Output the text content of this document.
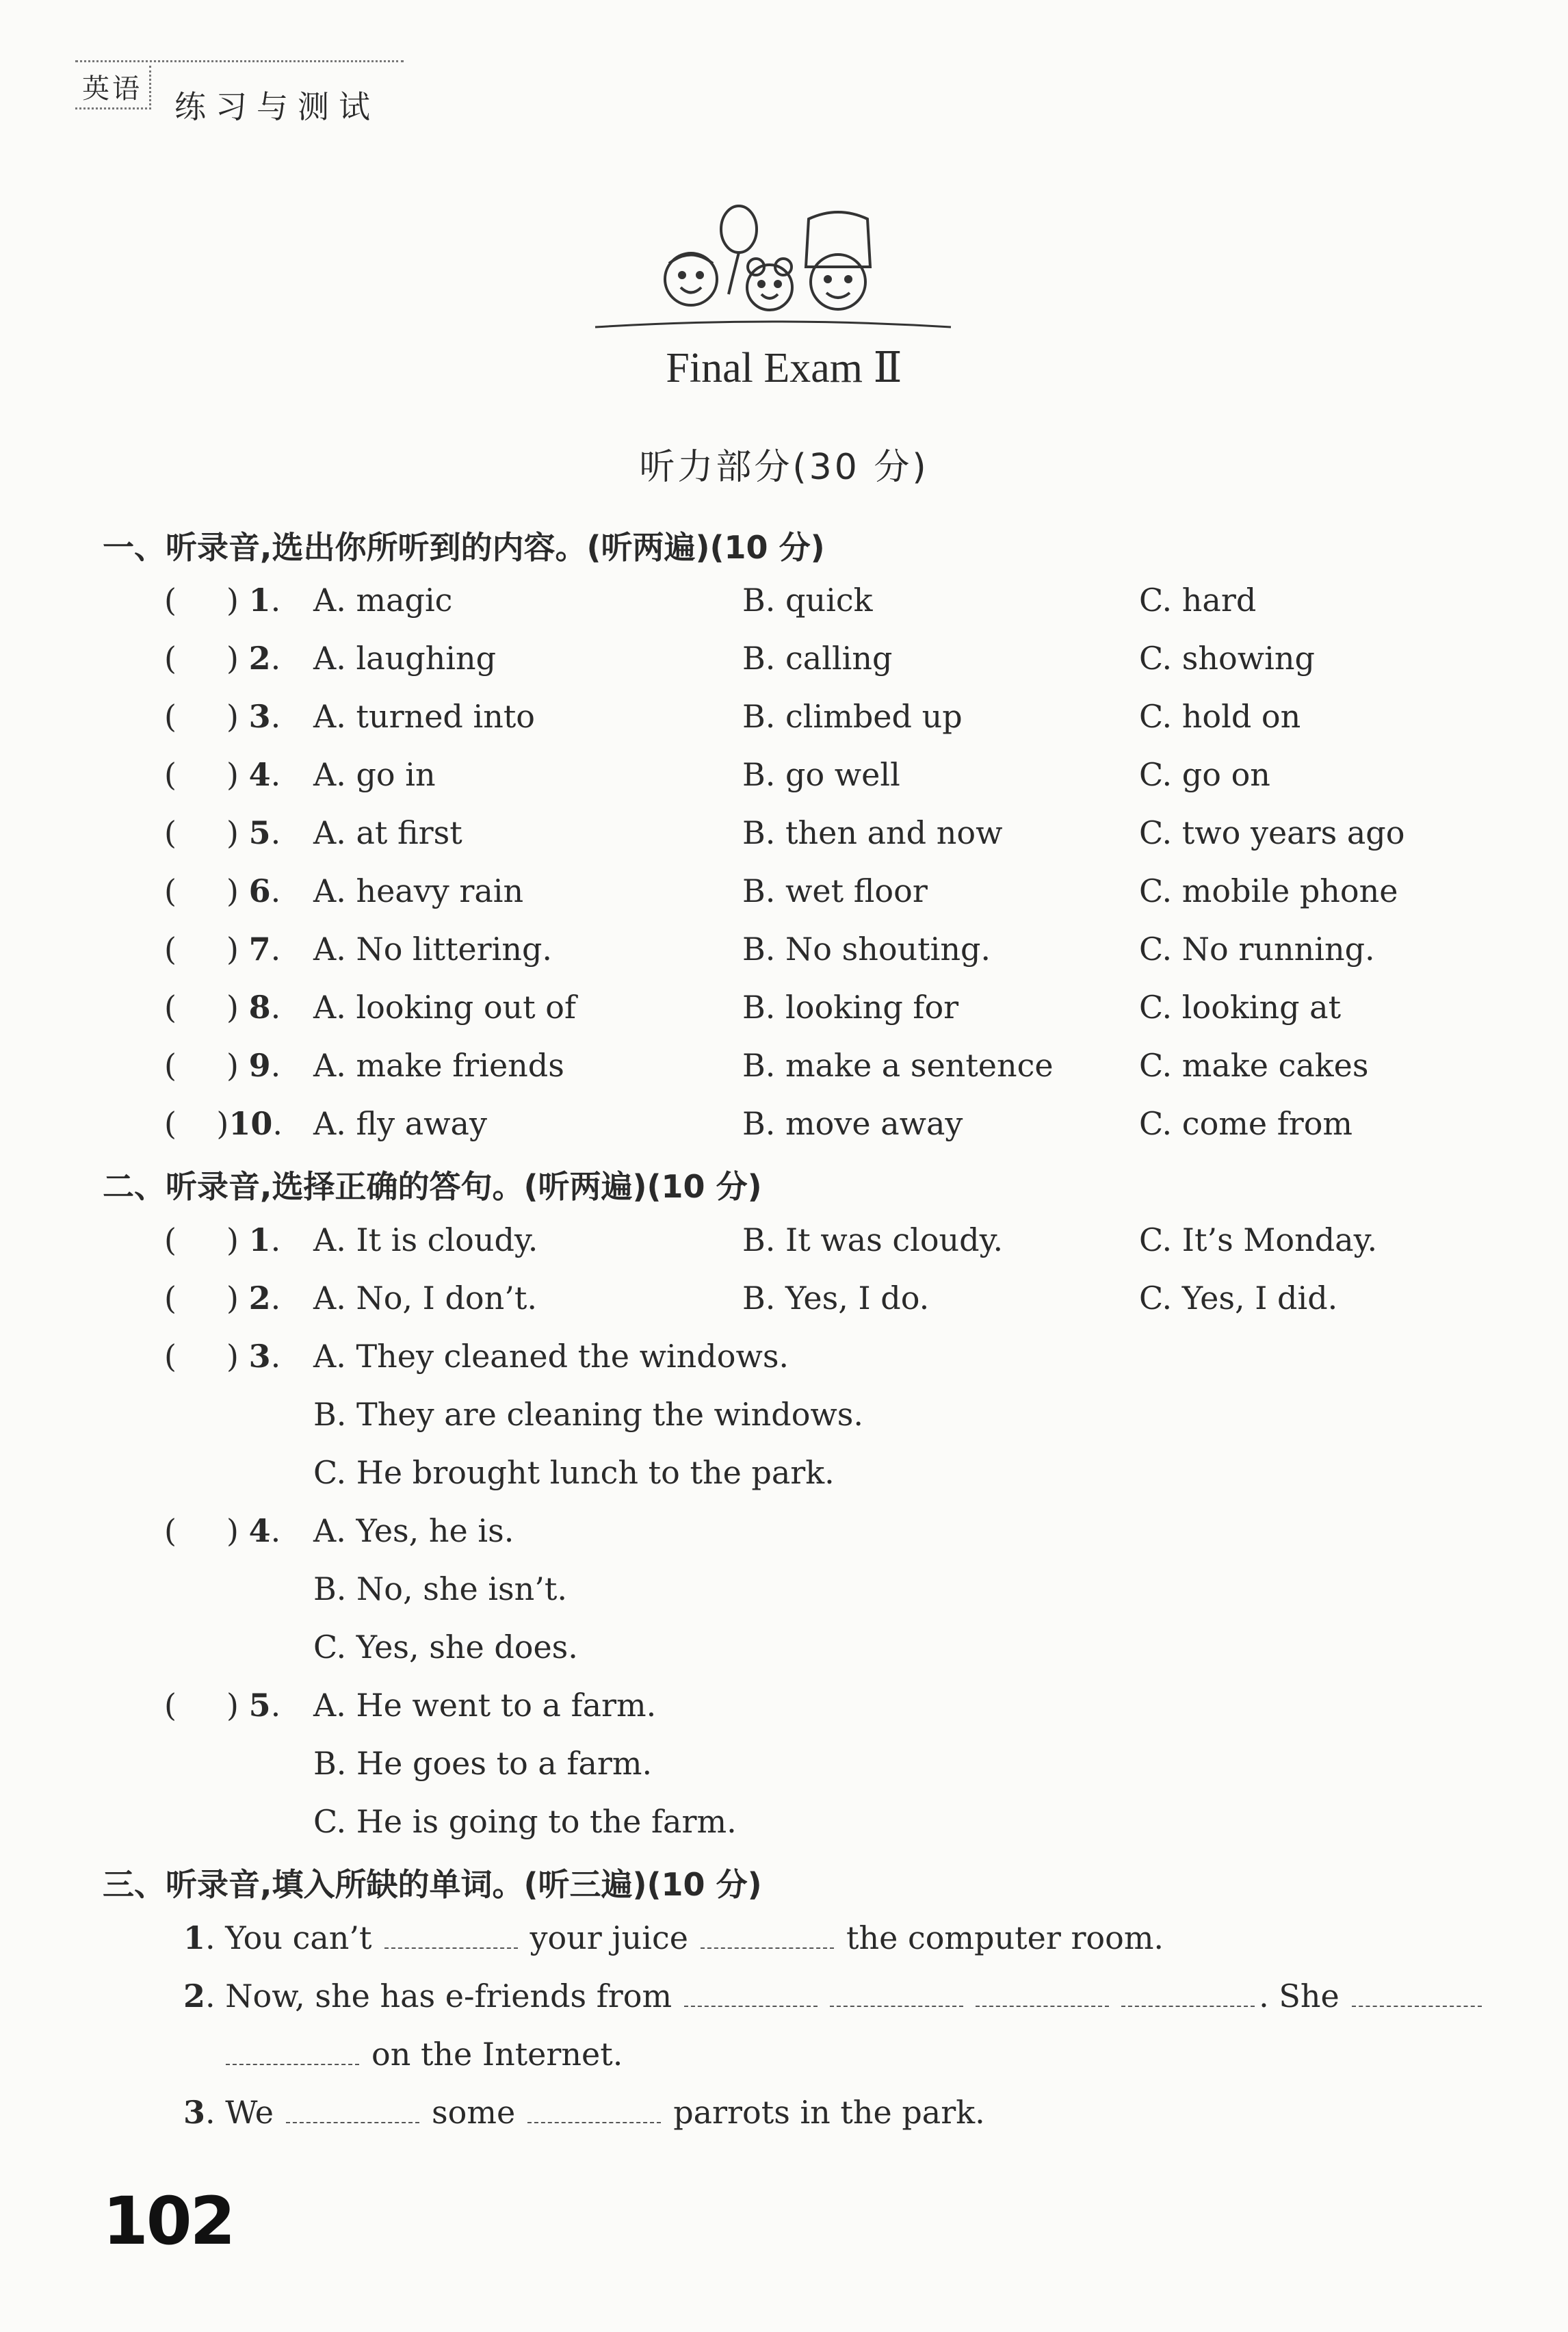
英语 练习与测试
Final Exam Ⅱ
听力部分(30 分)
一、听录音,选出你所听到的内容。(听两遍)(10 分)
(     ) 1. A. magic	B. quick	C. hard
(     ) 2. A. laughing	B. calling	C. showing
(     ) 3. A. turned into	B. climbed up	C. hold on
(     ) 4. A. go in	B. go well	C. go on
(     ) 5. A. at first	B. then and now	C. two years ago
(     ) 6. A. heavy rain	B. wet floor	C. mobile phone
(     ) 7. A. No littering.	B. No shouting.	C. No running.
(     ) 8. A. looking out of	B. looking for	C. looking at
(     ) 9. A. make friends	B. make a sentence	C. make cakes
(    )10. A. fly away	B. move away	C. come from
二、听录音,选择正确的答句。(听两遍)(10 分)
(     ) 1. A. It is cloudy.	B. It was cloudy.	C. It’s Monday.
(     ) 2. A. No, I don’t.	B. Yes, I do.	C. Yes, I did.
(     ) 3. A. They cleaned the windows.
B. They are cleaning the windows.
C. He brought lunch to the park.
(     ) 4. A. Yes, he is.
B. No, she isn’t.
C. Yes, she does.
(     ) 5. A. He went to a farm.
B. He goes to a farm.
C. He is going to the farm.
三、听录音,填入所缺的单词。(听三遍)(10 分)
1. You can’t	your juice	the computer room.
2. Now, she has e-friends from	. She
on the Internet.
3. We	some	parrots in the park.
102
